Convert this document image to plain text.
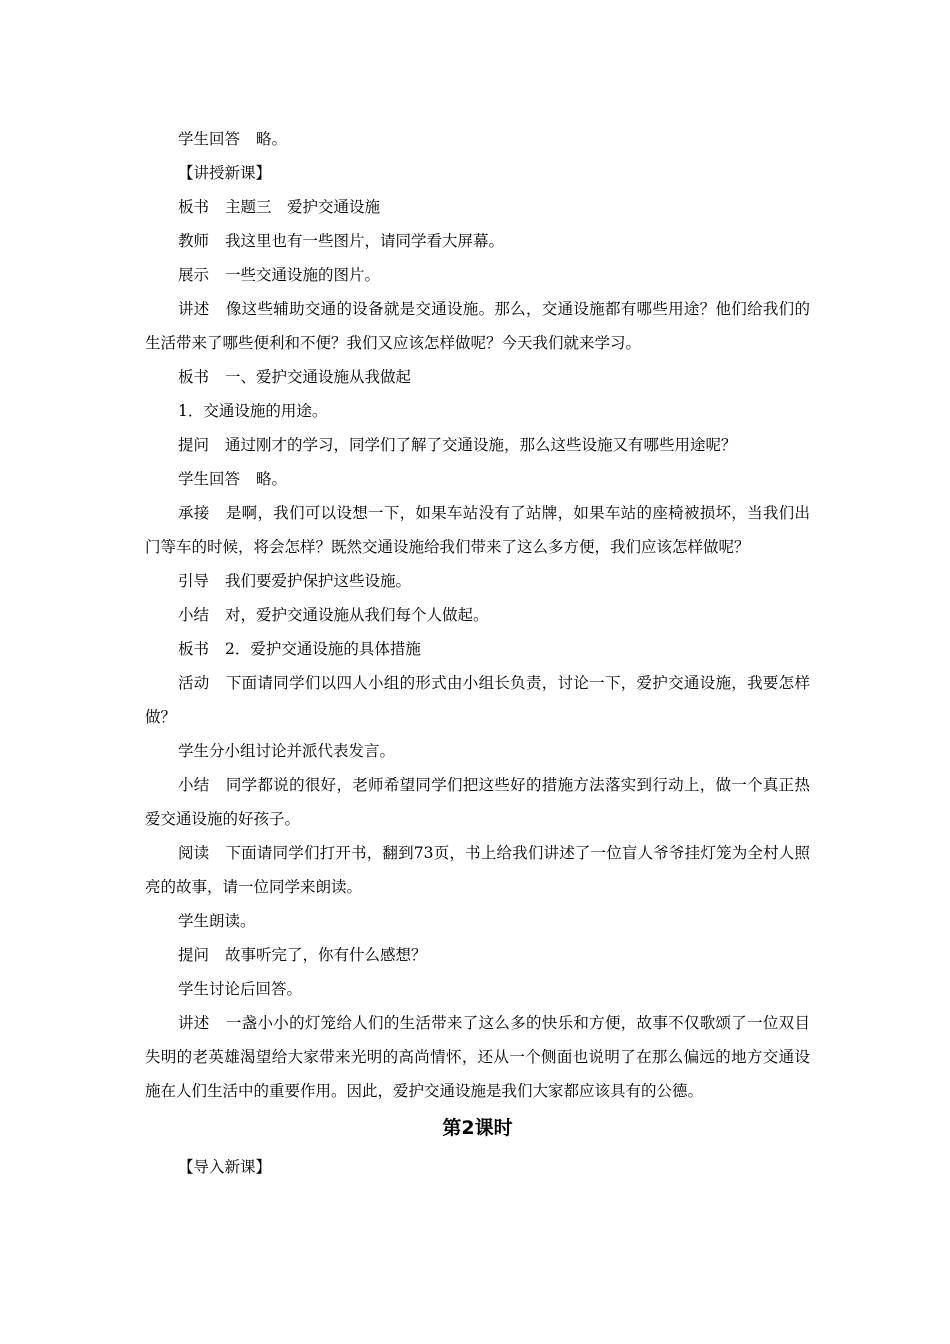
学生回答 略。

【讲授新课】

板书 主题三　爱护交通设施

教师 我这里也有一些图片，请同学看大屏幕。

展示 一些交通设施的图片。

讲述 像这些辅助交通的设备就是交通设施。那么，交通设施都有哪些用途？他们给我们的生活带来了哪些便利和不便？我们又应该怎样做呢？今天我们就来学习。

板书 一、爱护交通设施从我做起

1．交通设施的用途。

提问 通过刚才的学习，同学们了解了交通设施，那么这些设施又有哪些用途呢？

学生回答 略。

承接 是啊，我们可以设想一下，如果车站没有了站牌，如果车站的座椅被损坏，当我们出门等车的时候，将会怎样？既然交通设施给我们带来了这么多方便，我们应该怎样做呢？

引导 我们要爱护保护这些设施。

小结 对，爱护交通设施从我们每个人做起。

板书 2．爱护交通设施的具体措施

活动 下面请同学们以四人小组的形式由小组长负责，讨论一下，爱护交通设施，我要怎样做？

学生分小组讨论并派代表发言。

小结 同学都说的很好，老师希望同学们把这些好的措施方法落实到行动上，做一个真正热爱交通设施的好孩子。

阅读 下面请同学们打开书，翻到73页，书上给我们讲述了一位盲人爷爷挂灯笼为全村人照亮的故事，请一位同学来朗读。

学生朗读。

提问 故事听完了，你有什么感想？

学生讨论后回答。

讲述 一盏小小的灯笼给人们的生活带来了这么多的快乐和方便，故事不仅歌颂了一位双目失明的老英雄渴望给大家带来光明的高尚情怀，还从一个侧面也说明了在那么偏远的地方交通设施在人们生活中的重要作用。因此，爱护交通设施是我们大家都应该具有的公德。

第2课时

【导入新课】
